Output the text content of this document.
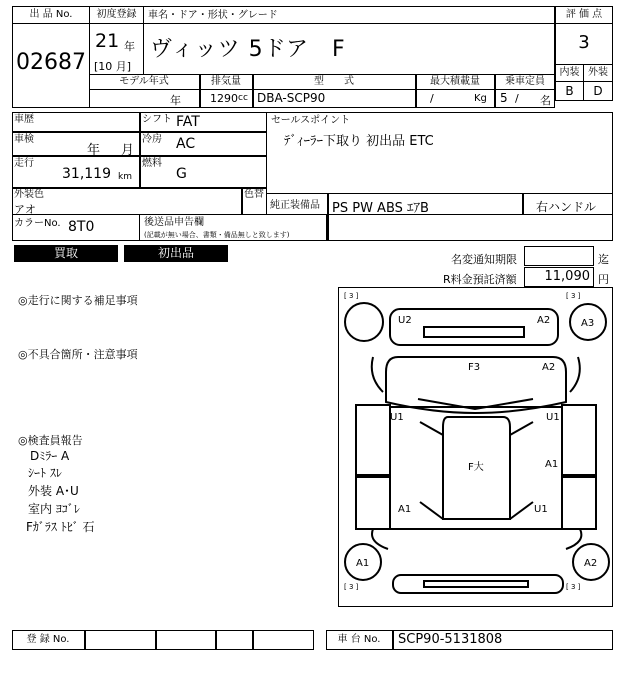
出 品 No.
02687
初度登録
21 年
[10 月]
車名・ドア・形状・グレード
ヴィッツ 5ドア　F
評 価 点
3
内装 外装
B	D
モデル年式	排気量	型　　式	最大積載量	乗車定員
年	1290 cc DBA-SCP90	/	Kg 5 / 名
車歴	シフト FAT
車検
年 月
冷房 AC
走行
31,119 km
燃料
G
外装色
アオ
色替
カラーNo. 8T0	後送品申告欄
(記載が無い場合、書類・備品無しと致します)
セールスポイント
ﾃﾞｨｰﾗｰ下取り 初出品 ETC
純正装備品 PS PW ABS ｴｱB	右ハンドル
買取	初出品	名変通知期限	迄
R料金預託済額	11,090 円
◎走行に関する補足事項
◎不具合箇所・注意事項
◎検査員報告
Dﾐﾗｰ A
ｼｰﾄ ｽﾚ
外装 A･U
室内 ﾖｺﾞﾚ
Fｶﾞﾗｽ ﾄﾋﾞ 石
[ 3 ]	[ 3 ]
[ 3 ]	[ 3 ]
U2	A2	A3
F3	A2
U1	U1
F大	A1
A1	U1
A1	A2
登 録 No.	車 台 No.	SCP90-5131808
